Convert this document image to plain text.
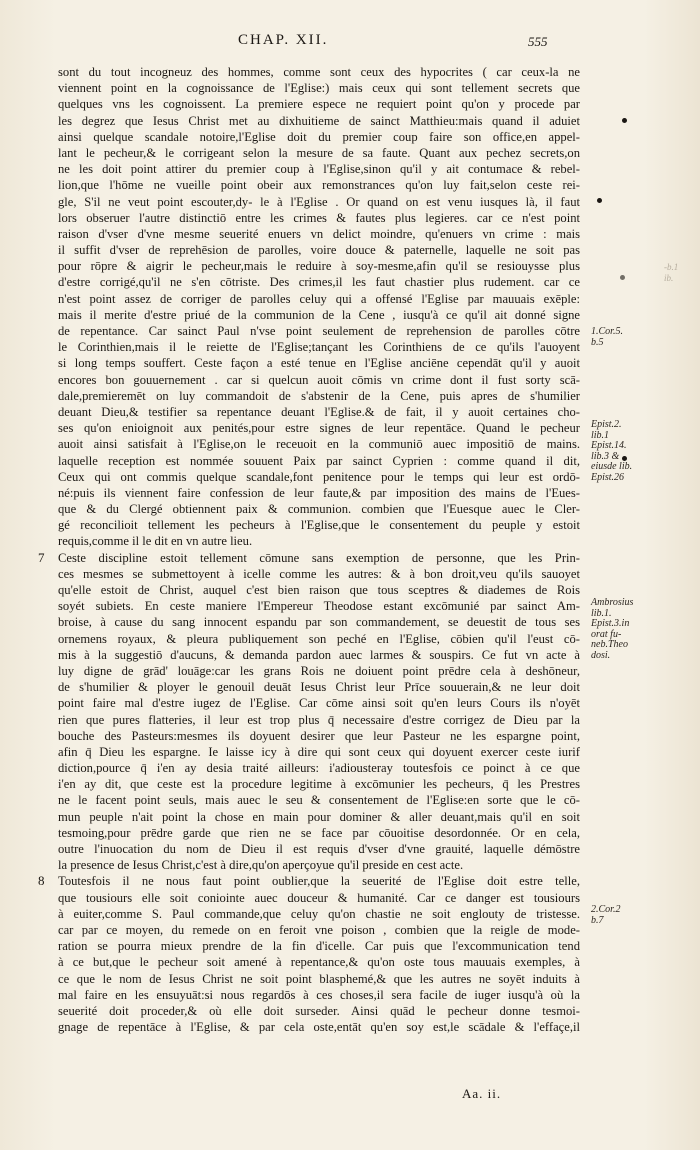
CHAP. XII.	555
sont du tout incogneuz des hommes, comme sont ceux des hypocrites ( car ceux-la ne
viennent point en la cognoissance de l'Eglise:) mais ceux qui sont tellement secrets que
quelques vns les cognoissent. La premiere espece ne requiert point qu'on y procede par
les degrez que Iesus Christ met au dixhuitieme de sainct Matthieu:mais quand il aduiet
ainsi quelque scandale notoire,l'Eglise doit du premier coup faire son office,en appel-
lant le pecheur,& le corrigeant selon la mesure de sa faute. Quant aux pechez secrets,on
ne les doit point attirer du premier coup à l'Eglise,sinon qu'il y ait contumace & rebel-
lion,que l'hōme ne vueille point obeir aux remonstrances qu'on luy fait,selon ceste rei-
gle, S'il ne veut point escouter,dy- le à l'Eglise . Or quand on est venu iusques là, il faut
lors obseruer l'autre distinctiō entre les crimes & fautes plus legieres. car ce n'est point
raison d'vser d'vne mesme seuerité enuers vn delict moindre, qu'enuers vn crime : mais
il suffit d'vser de reprehēsion de parolles, voire douce & paternelle, laquelle ne soit pas
pour rōpre & aigrir le pecheur,mais le reduire à soy-mesme,afin qu'il se resiouysse plus
d'estre corrigé,qu'il ne s'en cōtriste. Des crimes,il les faut chastier plus rudement. car ce
n'est point assez de corriger de parolles celuy qui a offensé l'Eglise par mauuais exēple:
mais il merite d'estre priué de la communion de la Cene , iusqu'à ce qu'il ait donné signe
de repentance. Car sainct Paul n'vse point seulement de reprehension de parolles cōtre
le Corinthien,mais il le reiette de l'Eglise;tançant les Corinthiens de ce qu'ils l'auoyent
si long temps souffert. Ceste façon a esté tenue en l'Eglise anciēne cependāt qu'il y auoit
encores bon gouuernement . car si quelcun auoit cōmis vn crime dont il fust sorty scā-
dale,premieremēt on luy commandoit de s'abstenir de la Cene, puis apres de s'humilier
deuant Dieu,& testifier sa repentance deuant l'Eglise.& de fait, il y auoit certaines cho-
ses qu'on enioignoit aux penités,pour estre signes de leur repentāce. Quand le pecheur
auoit ainsi satisfait à l'Eglise,on le receuoit en la communiō auec impositiō de mains.
laquelle reception est nommée souuent Paix par sainct Cyprien : comme quand il dit,
Ceux qui ont commis quelque scandale,font penitence pour le temps qui leur est ordō-
né:puis ils viennent faire confession de leur faute,& par imposition des mains de l'Eues-
que & du Clergé obtiennent paix & communion. combien que l'Euesque auec le Cler-
gé reconcilioit tellement les pecheurs à l'Eglise,que le consentement du peuple y estoit
requis,comme il le dit en vn autre lieu.
Ceste discipline estoit tellement cōmune sans exemption de personne, que les Prin-
ces mesmes se submettoyent à icelle comme les autres: & à bon droit,veu qu'ils sauoyet
qu'elle estoit de Christ, auquel c'est bien raison que tous sceptres & diademes de Rois
soyét subiets. En ceste maniere l'Empereur Theodose estant excōmunié par sainct Am-
broise, à cause du sang innocent espandu par son commandement, se deuestit de tous ses
ornemens royaux, & pleura publiquement son peché en l'Eglise, cōbien qu'il l'eust cō-
mis à la suggestiō d'aucuns, & demanda pardon auec larmes & souspirs. Ce fut vn acte à
luy digne de grād' louāge:car les grans Rois ne doiuent point prēdre cela à deshōneur,
de s'humilier & ployer le genouil deuāt Iesus Christ leur Prīce souuerain,& ne leur doit
point faire mal d'estre iugez de l'Eglise. Car cōme ainsi soit qu'en leurs Cours ils n'oyēt
rien que pures flatteries, il leur est trop plus q̄ necessaire d'estre corrigez de Dieu par la
bouche des Pasteurs:mesmes ils doyuent desirer que leur Pasteur ne les espargne point,
afin q̄ Dieu les espargne. Ie laisse icy à dire qui sont ceux qui doyuent exercer ceste iurif
diction,pource q̄ i'en ay desia traité ailleurs: i'adiousteray toutesfois ce poinct à ce que
i'en ay dit, que ceste est la procedure legitime à excōmunier les pecheurs, q̄ les Prestres
ne le facent point seuls, mais auec le seu & consentement de l'Eglise:en sorte que le cō-
mun peuple n'ait point la chose en main pour dominer & aller deuant,mais qu'il en soit
tesmoing,pour prēdre garde que rien ne se face par cōuoitise desordonnée. Or en cela,
outre l'inuocation du nom de Dieu il est requis d'vser d'vne grauité, laquelle démōstre
la presence de Iesus Christ,c'est à dire,qu'on aperçoyue qu'il preside en cest acte.
Toutesfois il ne nous faut point oublier,que la seuerité de l'Eglise doit estre telle,
que tousiours elle soit coniointe auec douceur & humanité. Car ce danger est tousiours
à euiter,comme S. Paul commande,que celuy qu'on chastie ne soit englouty de tristesse.
car par ce moyen, du remede on en feroit vne poison , combien que la reigle de mode-
ration se pourra mieux prendre de la fin d'icelle. Car puis que l'excommunication tend
à ce but,que le pecheur soit amené à repentance,& qu'on oste tous mauuais exemples, à
ce que le nom de Iesus Christ ne soit point blasphemé,& que les autres ne soyēt induits à
mal faire en les ensuyuāt:si nous regardōs à ces choses,il sera facile de iuger iusqu'à où la
seuerité doit proceder,& où elle doit surseder. Ainsi quād le pecheur donne tesmoi-
gnage de repentāce à l'Eglise, & par cela oste,entāt qu'en soy est,le scādale & l'effaçe,il
7
8
1.Cor.5.
b.5
Epist.2.
lib.1
Epist.14.
lib.3 &
eiusde lib.
Epist.26
Ambrosius
lib.1.
Epist.3.in
orat fu-
neb.Theo
dosi.
2.Cor.2
b.7
-b.1
ib.
Aa. ii.
